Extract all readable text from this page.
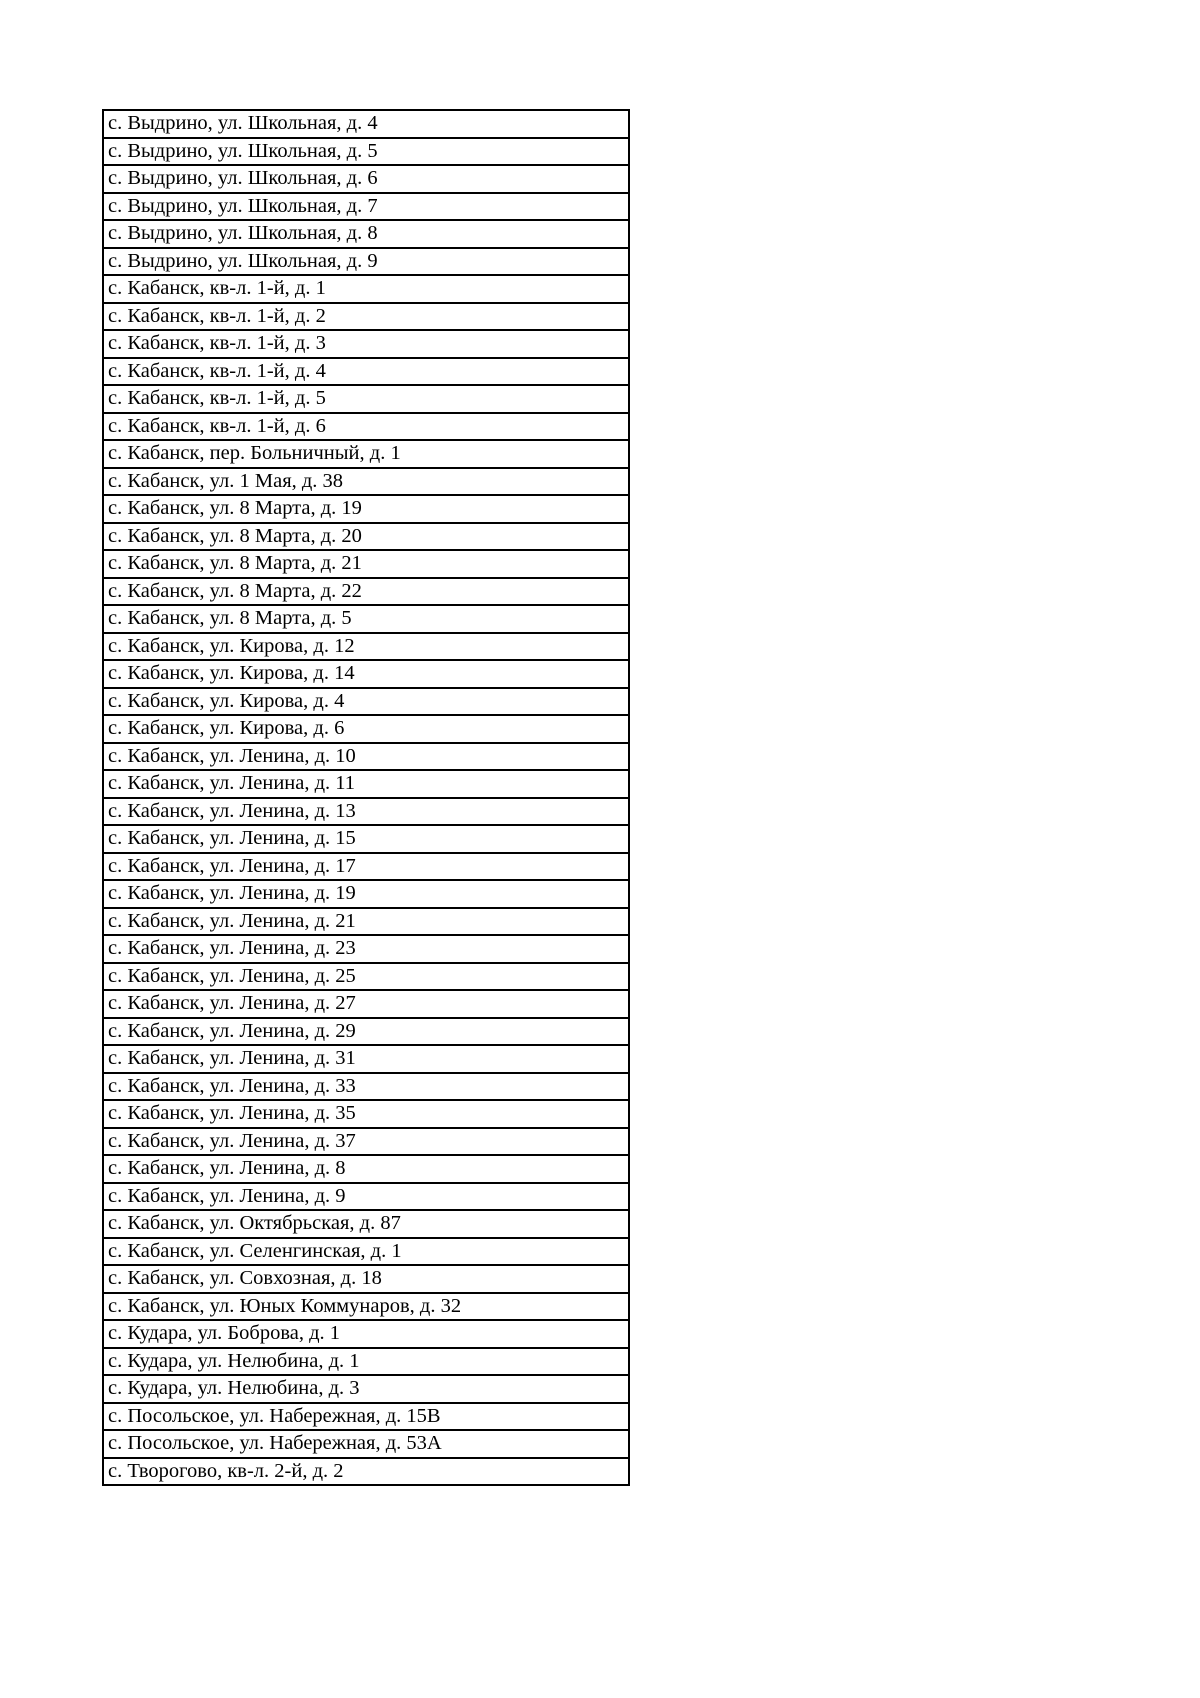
с. Выдрино, ул. Школьная, д. 4
с. Выдрино, ул. Школьная, д. 5
с. Выдрино, ул. Школьная, д. 6
с. Выдрино, ул. Школьная, д. 7
с. Выдрино, ул. Школьная, д. 8
с. Выдрино, ул. Школьная, д. 9
с. Кабанск, кв-л. 1-й, д. 1
с. Кабанск, кв-л. 1-й, д. 2
с. Кабанск, кв-л. 1-й, д. 3
с. Кабанск, кв-л. 1-й, д. 4
с. Кабанск, кв-л. 1-й, д. 5
с. Кабанск, кв-л. 1-й, д. 6
с. Кабанск, пер. Больничный, д. 1
с. Кабанск, ул. 1 Мая, д. 38
с. Кабанск, ул. 8 Марта, д. 19
с. Кабанск, ул. 8 Марта, д. 20
с. Кабанск, ул. 8 Марта, д. 21
с. Кабанск, ул. 8 Марта, д. 22
с. Кабанск, ул. 8 Марта, д. 5
с. Кабанск, ул. Кирова, д. 12
с. Кабанск, ул. Кирова, д. 14
с. Кабанск, ул. Кирова, д. 4
с. Кабанск, ул. Кирова, д. 6
с. Кабанск, ул. Ленина, д. 10
с. Кабанск, ул. Ленина, д. 11
с. Кабанск, ул. Ленина, д. 13
с. Кабанск, ул. Ленина, д. 15
с. Кабанск, ул. Ленина, д. 17
с. Кабанск, ул. Ленина, д. 19
с. Кабанск, ул. Ленина, д. 21
с. Кабанск, ул. Ленина, д. 23
с. Кабанск, ул. Ленина, д. 25
с. Кабанск, ул. Ленина, д. 27
с. Кабанск, ул. Ленина, д. 29
с. Кабанск, ул. Ленина, д. 31
с. Кабанск, ул. Ленина, д. 33
с. Кабанск, ул. Ленина, д. 35
с. Кабанск, ул. Ленина, д. 37
с. Кабанск, ул. Ленина, д. 8
с. Кабанск, ул. Ленина, д. 9
с. Кабанск, ул. Октябрьская, д. 87
с. Кабанск, ул. Селенгинская, д. 1
с. Кабанск, ул. Совхозная, д. 18
с. Кабанск, ул. Юных Коммунаров, д. 32
с. Кудара, ул. Боброва, д. 1
с. Кудара, ул. Нелюбина, д. 1
с. Кудара, ул. Нелюбина, д. 3
с. Посольское, ул. Набережная, д. 15В
с. Посольское, ул. Набережная, д. 53А
с. Творогово, кв-л. 2-й, д. 2
